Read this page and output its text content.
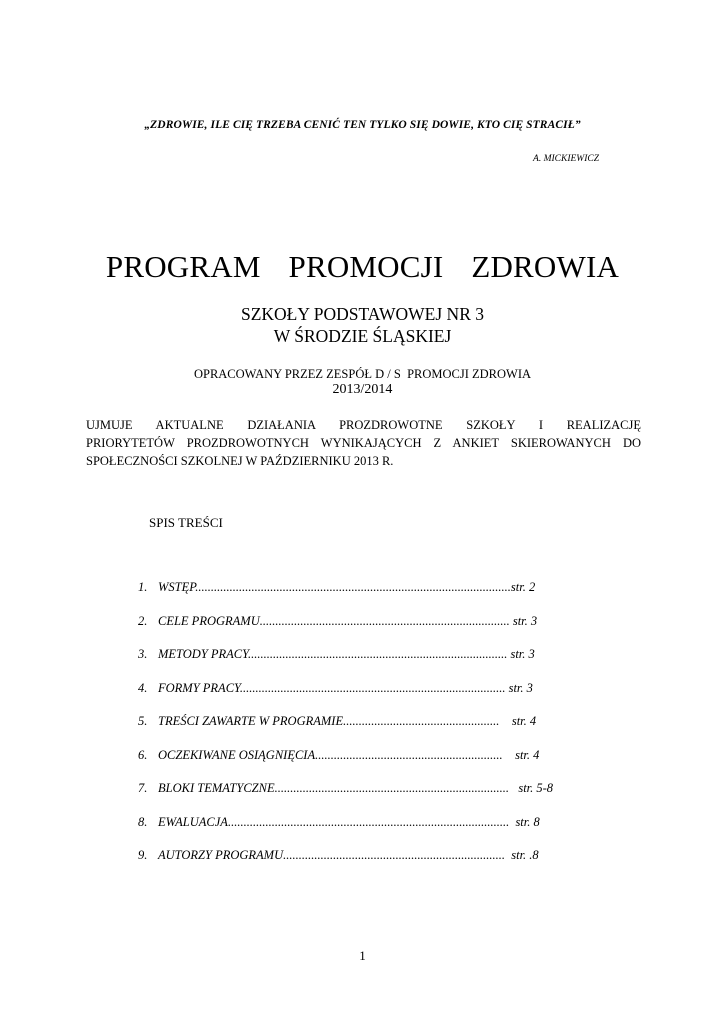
„ZDROWIE, ILE CIĘ TRZEBA CENIĆ TEN TYLKO SIĘ DOWIE, KTO CIĘ STRACIŁ”
A. MICKIEWICZ
PROGRAM  PROMOCJI  ZDROWIA
SZKOŁY PODSTAWOWEJ NR 3
W ŚRODZIE ŚLĄSKIEJ
OPRACOWANY PRZEZ ZESPÓŁ D / S  PROMOCJI ZDROWIA
2013/2014
UJMUJE AKTUALNE DZIAŁANIA PROZDROWOTNE SZKOŁY I REALIZACJĘ
PRIORYTETÓW PROZDROWOTNYCH WYNIKAJĄCYCH Z ANKIET SKIEROWANYCH DO
SPOŁECZNOŚCI SZKOLNEJ W PAŹDZIERNIKU 2013 R.
SPIS TREŚCI
1. WSTĘP.....................................................................................................str. 2
2. CELE PROGRAMU................................................................................ str. 3
3. METODY PRACY................................................................................... str. 3
4. FORMY PRACY..................................................................................... str. 3
5. TREŚCI ZAWARTE W PROGRAMIE..................................................    str. 4
6. OCZEKIWANE OSIĄGNIĘCIA............................................................    str. 4
7. BLOKI TEMATYCZNE...........................................................................   str. 5-8
8. EWALUACJA..........................................................................................  str. 8
9. AUTORZY PROGRAMU.......................................................................  str. .8
1
